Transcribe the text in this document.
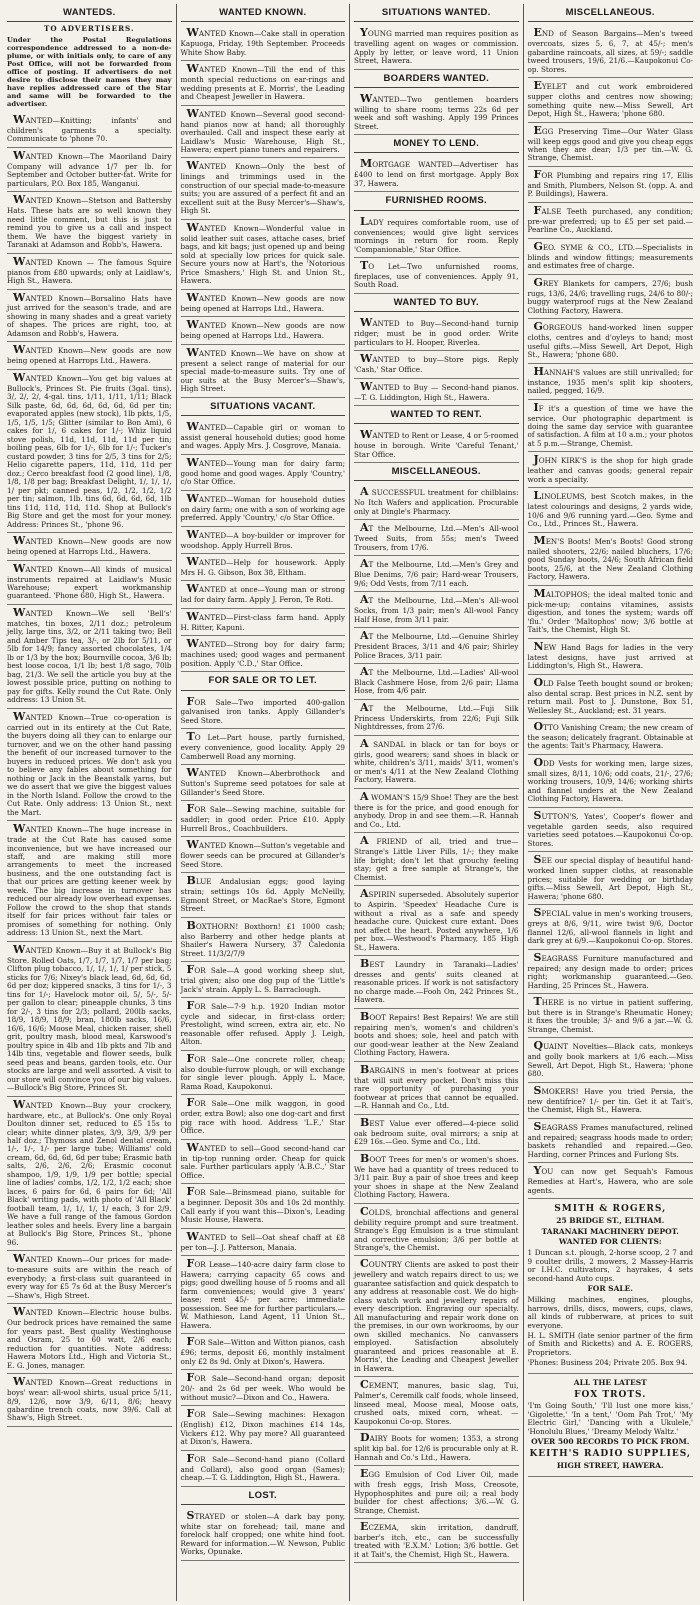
WANTEDS.
TO ADVERTISERS.
Under the Postal Regulations correspondence addressed to a non-de-plume, or with initials only, to care of any Post Office, will not be forwarded from office of posting. If advertisers do not desire to disclose their names they may have replies addressed care of the Star and same will be forwarded to the advertiser.

WANTED—Knitting; infants' and children's garments a specialty. Communicate to 'phone 70.

WANTED Known—The Maoriland Dairy Company will advance 1/7 per lb. for September and October butter-fat. Write for particulars, P.O. Box 185, Wanganui.

WANTED Known—Stetson and Battersby Hats. These hats are so well known they need little comment, but this is just to remind you to give us a call and inspect them. We have the biggest variety in Taranaki at Adamson and Robb's, Hawera.

WANTED Known — The famous Squire pianos from £80 upwards; only at Laidlaw's, High St., Hawera.

WANTED Known—Borsalino Hats have just arrived for the season's trade, and are showing in many shades and a great variety of shapes. The prices are right, too, at Adamson and Robb's, Hawera.

WANTED Known—New goods are now being opened at Harrops Ltd., Hawera.

WANTED Known—You get big values at Bullock's, Princes St. Pie fruits (3gal. tins), 3/, 2/, 2/, 4-gal. tins, 1/11, 1/11, 1/11; Black Silk paste, 6d, 6d, 6d, 6d, 6d, 6d per tin; evaporated apples (new stock), 1lb pkts, 1/5, 1/5, 1/5, 1/5; Glitter (similar to Bon Ami), 6 cakes for 1/, 6 cakes for 1/-; Whiz liquid stove polish, 11d, 11d, 11d, 11d per tin; boiling peas, 6lb for 1/-, 6lb for 1/-; Tucker's custard powder, 3 tins for 2/5, 3 tins for 2/5; Helio cigarette papers, 11d, 11d, 11d per doz.; Cerco breakfast food (2 good line), 1/8, 1/8, 1/8 per bag; Breakfast Delight, 1/, 1/, 1/, 1/ per pkt; canned peas, 1/2, 1/2, 1/2, 1/2 per tin; salmon, 1lb. tins 6d, 6d, 6d, 6d, 1lb tins 11d, 11d, 11d, 11d. Shop at Bullock's Big Store and get the most for your money. Address: Princes St., 'phone 96.

WANTED Known—New goods are now being opened at Harrops Ltd., Hawera.

WANTED Known—All kinds of musical instruments repaired at Laidlaw's Music Warehouse; expert workmanship guaranteed. 'Phone 680, High St., Hawera.

WANTED Known—We sell 'Bell's' matches, tin boxes, 2/11 doz.; petroleum jelly, large tins, 3/2, or 2/11 taking two; Bell and Amber Tips tea, 3/-, or 2lb for 5/11, or 5lb for 14/9; fancy assorted chocolates, 1/4 lb or 1/3 by the box; Bournville cocoa, 3/6 lb; best loose cocoa, 1/1 lb; best 1/8 sago, 70lb bag, 21/3. We sell the article you buy at the lowest possible price, putting on nothing to pay for gifts. Kelly round the Cut Rate. Only address: 13 Union St.

WANTED Known—True co-operation is carried out in its entirety at the Cut Rate, the buyers doing all they can to enlarge our turnover, and we on the other hand passing the benefit of our increased turnover to the buyers in reduced prices. We don't ask you to believe any fables about something for nothing or Jack in the Beanstalk yarns, but we do assert that we give the biggest values in the North Island. Follow the crowd to the Cut Rate. Only address: 13 Union St., next the Mart.

WANTED Known—The huge increase in trade at the Cut Rate has caused some inconvenience, but we have increased our staff, and are making still more arrangements to meet the increased business, and the one outstanding fact is that our prices are getting keener week by week. The big increase in turnover has reduced our already low overhead expenses. Follow the crowd to the shop that stands itself for fair prices without fair tales or promises of something for nothing. Only address: 13 Union St., next the Mart.

WANTED Known—Buy it at Bullock's Big Store. Rolled Oats, 1/7, 1/7, 1/7, 1/7 per bag; Clifton plug tobacco, 1/, 1/, 1/, 1/ per stick, 5 sticks for 7/6; Nixey's black lead, 6d, 6d, 6d, 6d per doz; kippered snacks, 3 tins for 1/-, 3 tins for 1/-; Havelock motor oil, 5/, 5/-, 5/- per gallon to clear; pineapple chunks, 3 tins for 2/-, 3 tins for 2/3; pollard, 200lb sacks, 18/9, 18/9, 18/9; bran, 180lb sacks, 16/6, 16/6, 16/6; Moose Meal, chicken raiser, shell grit, poultry mash, blood meal, Karswood's poultry spice in 4lb and 1lb pkts and 7lb and 14lb tins, vegetable and flower seeds, bulk seed peas and beans, garden tools, etc. Our stocks are large and well assorted. A visit to our store will convince you of our big values.—Bullock's Big Store, Princes St.

WANTED Known—Buy your crockery, hardware, etc., at Bullock's. One only Royal Doulton dinner set, reduced to £5 15s to clear; white dinner plates, 3/9, 3/9, 3/9 per half doz.; Thymoss and Zenol dental cream, 1/-, 1/-, 1/- per large tube; Williams' cold cream, 6d, 6d, 6d, 6d per tube; Erasmic bath salts, 2/6, 2/6, 2/6; Erasmic coconut shampoo, 1/9, 1/9, 1/9 per bottle; special line of ladies' combs, 1/2, 1/2, 1/2 each; shoe laces, 6 pairs for 6d, 6 pairs for 6d; 'All Black' writing pads, with photo of 'All Black' football team, 1/, 1/, 1/, 1/ each, 3 for 2/9. We have a full range of the famous Gordon leather soles and heels. Every line a bargain at Bullock's Big Store, Princes St., 'phone 96.

WANTED Known—Our prices for made-to-measure suits are within the reach of everybody; a first-class suit guaranteed in every way for £5 7s 6d at the Busy Mercer's—Shaw's, High Street.

WANTED Known—Electric house bulbs. Our bedrock prices have remained the same for years past. Best quality Westinghouse and Osram, 25 to 60 watt, 2/6 each; reduction for quantities. Note address: Hawera Motors Ltd., High and Victoria St., E. G. Jones, manager.

WANTED Known—Great reductions in boys' wear: all-wool shirts, usual price 5/11, 8/9, 12/6, now 3/9, 6/11, 8/6; heavy gabardine trench coats, now 39/6. Call at Shaw's, High Street.

WANTED KNOWN.

WANTED Known—Cake stall in operation Kapuoga, Friday, 19th September. Proceeds White Show Baby.

WANTED Known—Till the end of this month special reductions on ear-rings and wedding presents at E. Morris', the Leading and Cheapest Jeweller in Hawera.

WANTED Known—Several good second-hand pianos now at hand; all thoroughly overhauled. Call and inspect these early at Laidlaw's Music Warehouse, High St., Hawera; expert piano tuners and repairers.

WANTED Known—Only the best of linings and trimmings used in the construction of our special made-to-measure suits; you are assured of a perfect fit and an excellent suit at the Busy Mercer's—Shaw's, High St.

WANTED Known—Wonderful value in solid leather suit cases, attache cases, brief bags, and kit bags; just opened up and being sold at specially low prices for quick sale. Secure yours now at Hart's, the 'Notorious Price Smashers,' High St. and Union St., Hawera.

WANTED Known—New goods are now being opened at Harrops Ltd., Hawera.

WANTED Known—New goods are now being opened at Harrops Ltd., Hawera.

WANTED Known—We have on show at present a select range of material for our special made-to-measure suits. Try one of our suits at the Busy Mercer's—Shaw's, High Street.

SITUATIONS VACANT.

WANTED—Capable girl or woman to assist general household duties; good home and wages. Apply Mrs. J. Cosgrove, Manaia.

WANTED—Young man for dairy farm; good home and good wages. Apply 'Country,' c/o Star Office.

WANTED—Woman for household duties on dairy farm; one with a son of working age preferred. Apply 'Country,' c/o Star Office.

WANTED—A boy-builder or improver for woodshop. Apply Hurrell Bros.

WANTED—Help for housework. Apply Mrs H. G. Gibson, Box 38, Eltham.

WANTED at once—Young man or strong lad for dairy farm. Apply J. Feron, Te Roti.

WANTED—First-class farm hand. Apply H. Ritter, Kapuni.

WANTED—Strong boy for dairy farm; machines used; good wages and permanent position. Apply 'C.D.,' Star Office.

FOR SALE OR TO LET.

FOR Sale—Two imported 400-gallon galvanised iron tanks. Apply Gillander's Seed Store.

TO Let—Part house, partly furnished, every convenience, good locality. Apply 29 Camberwell Road any morning.

WANTED Known—Aberbrothock and Sutton's Supreme seed potatoes for sale at Gillander's Seed Store.

FOR Sale—Sewing machine, suitable for saddler; in good order. Price £10. Apply Hurrell Bros., Coachbuilders.

WANTED Known—Sutton's vegetable and flower seeds can be procured at Gillander's Seed Store.

BLUE Andalusian eggs; good laying strain; settings 10s 6d. Apply McNeilly, Egmont Street, or MacRae's Store, Egmont Street.

BOXTHORN! Boxthorn! £1 1000 cash; also Barberry and other hedge plants at Shailer's Hawera Nursery, 37 Caledonia Street. 11/3/2/7/9

FOR Sale—A good working sheep slut, trial given; also one dog pup of the 'Little's Jack's' strain. Apply L. S. Barraclough.

FOR Sale—7-9 h.p. 1920 Indian motor cycle and sidecar, in first-class order; Prestolight, wind screen, extra air, etc. No reasonable offer refused. Apply J. Leigh, Alton.

FOR Sale—One concrete roller, cheap; also double-furrow plough, or will exchange for single lever plough. Apply L. Mace, Rama Road, Kaupokonui.

FOR Sale—One milk waggon, in good order, extra Bowl; also one dog-cart and first pig race with hood. Address 'L.F.,' Star Office.

WANTED to sell—Good second-hand car in tip-top running order. Cheap for quick sale. Further particulars apply 'A.B.C.,' Star Office.

FOR Sale—Brinsmead piano, suitable for a beginner. Deposit 30s and 10s 2d monthly. Call early if you want this—Dixon's, Leading Music House, Hawera.

WANTED to Sell—Oat sheaf chaff at £8 per ton—J. J. Patterson, Manaia.

FOR Lease—140-acre dairy farm close to Hawera; carrying capacity 65 cows and pigs; good dwelling house of 5 rooms and all farm conveniences; would give 3 years' lease; rent 45/- per acre; immediate possession. See me for further particulars.—W. Mathieson, Land Agent, 11 Union St., Hawera.

FOR Sale—Witton and Witton pianos, cash £96; terms, deposit £6, monthly instalment only £2 8s 9d. Only at Dixon's, Hawera.

FOR Sale—Second-hand organ; deposit 20/- and 2s 6d per week. Who would be without music?—Dixon and Co., Hawera.

FOR Sale—Sewing machines: Hexagon (English) £12, Dixon machines £14 14s, Vickers £12. Why pay more? All guaranteed at Dixon's, Hawera.

FOR Sale—Second-hand piano (Collard and Collard), also good organ (Sames); cheap.—T. G. Liddington, High St., Hawera.

LOST.

STRAYED or stolen—A dark bay pony, white star on forehead; tail, mane and forelock half cropped; one white hind foot. Reward for information.—W. Newson, Public Works, Opunake.

SITUATIONS WANTED.

YOUNG married man requires position as travelling agent on wages or commission. Apply by letter, or leave word, 11 Union Street, Hawera.

BOARDERS WANTED.

WANTED—Two gentlemen boarders willing to share room; terms 22s 6d per week and soft washing. Apply 199 Princes Street.

MONEY TO LEND.

MORTGAGE WANTED—Advertiser has £400 to lend on first mortgage. Apply Box 37, Hawera.

FURNISHED ROOMS.

LADY requires comfortable room, use of conveniences; would give light services mornings in return for room. Reply 'Companionable,' Star Office.

TO Let—Two unfurnished rooms, fireplaces, use of conveniences. Apply 91, South Road.

WANTED TO BUY.

WANTED to Buy—Second-hand turnip ridger; must be in good order. Write particulars to H. Hooper, Riverlea.

WANTED to buy—Store pigs. Reply 'Cash,' Star Office.

WANTED to Buy — Second-hand pianos.—T. G. Liddington, High St., Hawera.

WANTED TO RENT.

WANTED to Rent or Lease, 4 or 5-roomed house in borough. Write 'Careful Tenant,' Star Office.

MISCELLANEOUS.

A SUCCESSFUL treatment for chilblains: No Itch Wafers and application. Procurable only at Dingle's Pharmacy.

AT the Melbourne, Ltd.—Men's All-wool Tweed Suits, from 55s; men's Tweed Trousers, from 17/6.

AT the Melbourne, Ltd.—Men's Grey and Blue Denims, 7/6 pair; Hard-wear Trousers, 9/6; Odd Vests, from 7/11 each.

AT the Melbourne, Ltd.—Men's All-wool Socks, from 1/3 pair; men's All-wool Fancy Half Hose, from 3/11 pair.

AT the Melbourne, Ltd.—Genuine Shirley President Braces, 3/11 and 4/6 pair; Shirley Police Braces, 3/11 pair.

AT the Melbourne, Ltd.—Ladies' All-wool Black Cashmere Hose, from 2/6 pair; Llama Hose, from 4/6 pair.

AT the Melbourne, Ltd.—Fuji Silk Princess Underskirts, from 22/6; Fuji Silk Nightdresses, from 27/6.

A SANDAL in black or tan for boys or girls, good wearers; sand shoes in black or white, children's 3/11, maids' 3/11, women's or men's 4/11 at the New Zealand Clothing Factory, Hawera.

A WOMAN'S 15/9 Shoe! They are the best there is for the price, and good enough for anybody. Drop in and see them.—R. Hannah and Co., Ltd.

A FRIEND of all, tried and true—Strange's Little Liver Pills, 1/-; they make life bright; don't let that grouchy feeling stay; get a free sample at Strange's, the Chemist.

ASPIRIN superseded. Absolutely superior to Aspirin. 'Speedex' Headache Cure is without a rival as a safe and speedy headache cure. Quickest cure extant. Does not affect the heart. Posted anywhere, 1/6 per box.—Westwood's Pharmacy, 185 High St., Hawera.

BEST Laundry in Taranaki—Ladies' dresses and gents' suits cleaned at reasonable prices. If work is not satisfactory no charge made.—Fooh On, 242 Princes St., Hawera.

BOOT Repairs! Best Repairs! We are still repairing men's, women's and children's boots and shoes; sole, heel and patch with our good-wear leather at the New Zealand Clothing Factory, Hawera.

BARGAINS in men's footwear at prices that will suit every pocket. Don't miss this rare opportunity of purchasing your footwear at prices that cannot be equalled.—R. Hannah and Co., Ltd.

BEST Value ever offered—4-piece solid oak bedroom suite, oval mirrors; a snip at £29 16s.—Geo. Syme and Co., Ltd.

BOOT Trees for men's or women's shoes. We have had a quantity of trees reduced to 3/11 pair. Buy a pair of shoe trees and keep your shoes in shape at the New Zealand Clothing Factory, Hawera.

COLDS, bronchial affections and general debility require prompt and sure treatment. Strange's Egg Emulsion is a true stimulant and corrective emulsion; 3/6 per bottle at Strange's, the Chemist.

COUNTRY Clients are asked to post their jewellery and watch repairs direct to us; we guarantee satisfaction and quick despatch to any address at reasonable cost. We do high-class watch work and jewellery repairs of every description. Engraving our specialty. All manufacturing and repair work done on the premises, in our own workrooms, by our own skilled mechanics. No canvassers employed. Satisfaction absolutely guaranteed and prices reasonable at E. Morris', the Leading and Cheapest Jeweller in Hawera.

CEMENT, manures, basic slag, Tui, Palmer's, Ceremilk calf foods, whole linseed, linseed meal, Moose meal, Moose oats, crushed oats, mixed corn, wheat. — Kaupokonui Co-op. Stores.

DAIRY Boots for women; 1353, a strong split kip bal. for 12/6 is procurable only at R. Hannah and Co.'s Ltd., Hawera.

EGG Emulsion of Cod Liver Oil, made with fresh eggs, Irish Moss, Creosote, Hypophosphites and pure oil; a real body builder for chest affections; 3/6.—W. G. Strange, Chemist.

ECZEMA, skin irritation, dandruff, barber's itch, etc., can be successfully treated with 'E.X.M.' Lotion; 3/6 bottle. Get it at Tait's, the Chemist, High St., Hawera.

MISCELLANEOUS.

END of Season Bargains—Men's tweed overcoats, sizes 5, 6, 7, at 45/-; men's gabardine raincoats, all sizes, at 59/-; saddle tweed trousers, 19/6, 21/6.—Kaupokonui Co-op. Stores.

EYELET and cut work embroidered supper cloths and centres now showing; something quite new.—Miss Sewell, Art Depot, High St., Hawera; 'phone 680.

EGG Preserving Time—Our Water Glass will keep eggs good and give you cheap eggs when they are dear; 1/3 per tin.—W. G. Strange, Chemist.

FOR Plumbing and repairs ring 17, Ellis and Smith, Plumbers, Nelson St. (opp. A. and P. Buildings), Hawera.

FALSE Teeth purchased, any condition; pre-war preferred; up to £5 per set paid.—Pearline Co., Auckland.

GEO. SYME & CO., LTD.—Specialists in blinds and window fittings; measurements and estimates free of charge.

GREY Blankets for campers, 27/6; bush rugs, 13/6, 24/6; travelling rugs, 24/6 to 80/-; buggy waterproof rugs at the New Zealand Clothing Factory, Hawera.

GORGEOUS hand-worked linen supper cloths, centres and d'oyleys to hand; most useful gifts.—Miss Sewell, Art Depot, High St., Hawera; 'phone 680.

HANNAH'S values are still unrivalled; for instance, 1935 men's split kip shooters, nailed, pegged, 16/9.

IF it's a question of time we have the service. Our photographic department is doing the same day service with guarantee of satisfaction. A film at 10 a.m.; your photos at 5 p.m.—Strange, Chemist.

JOHN KIRK'S is the shop for high grade leather and canvas goods; general repair work a specialty.

LINOLEUMS, best Scotch makes, in the latest colourings and designs, 2 yards wide, 10/6 and 9/6 running yard.—Geo. Syme and Co., Ltd., Princes St., Hawera.

MEN'S Boots! Men's Boots! Good strong nailed shooters, 22/6; nailed bluchers, 17/6; good Sunday boots, 24/6; South African field boots, 25/6, at the New Zealand Clothing Factory, Hawera.

MALTOPHOS; the ideal malted tonic and pick-me-up; contains vitamines, assists digestion, and tones the system; wards off 'flu.' Order 'Maltophos' now; 3/6 bottle at Tait's, the Chemist, High St.

NEW Hand Bags for ladies in the very latest designs, have just arrived at Liddington's, High St., Hawera.

OLD False Teeth bought sound or broken; also dental scrap. Best prices in N.Z. sent by return mail. Post to J. Dunstone, Box 51, Wellesley St., Auckland; est. 31 years.

OTTO Vanishing Cream; the new cream of the season; delicately fragrant. Obtainable at the agents: Tait's Pharmacy, Hawera.

ODD Vests for working men, large sizes, small sizes, 8/11, 10/6; odd coats, 21/-, 27/6; working trousers, 10/9, 14/6; working shirts and flannel unders at the New Zealand Clothing Factory, Hawera.

SUTTON'S, Yates', Cooper's flower and vegetable garden seeds, also required varieties seed potatoes.—Kaupokonui Co-op. Stores.

SEE our special display of beautiful hand-worked linen supper cloths, at reasonable prices; suitable for wedding or birthday gifts.—Miss Sewell, Art Depot, High St., Hawera; 'phone 680.

SPECIAL value in men's working trousers, greys at 8/6, 9/11, wire twist 9/6, Doctor flannel 12/6, all-wool flannels in light and dark grey at 6/9.—Kaupokonui Co-op. Stores.

SEAGRASS Furniture manufactured and repaired; any design made to order; prices right; workmanship guaranteed.—Geo. Harding, 25 Princes St., Hawera.

THERE is no virtue in patient suffering, but there is in Strange's Rheumatic Honey; it fixes the trouble; 3/- and 9/6 a jar.—W. G. Strange, Chemist.

QUAINT Novelties—Black cats, monkeys and golly book markers at 1/6 each.—Miss Sewell, Art Depot, High St., Hawera; 'phone 680.

SMOKERS! Have you tried Persia, the new dentifrice? 1/- per tin. Get it at Tait's, the Chemist, High St., Hawera.

SEAGRASS Frames manufactured, relined and repaired; seagrass hoods made to order; baskets rehandled and repaired.—Geo. Harding, corner Princes and Furlong Sts.

YOU can now get Sequah's Famous Remedies at Hart's, Hawera, who are sole agents.

SMITH & ROGERS,
25 BRIDGE ST., ELTHAM.
TARANAKI MACHINERY DEPOT.
WANTED FOR CLIENTS:
1 Duncan s.t. plough, 2-horse scoop, 2 7 and 9 coulter drills, 2 mowers, 2 Massey-Harris or I.H.C. cultivators, 2 hayrakes, 4 sets second-hand Auto cups.
FOR SALE.
Milking machines, engines, ploughs, harrows, drills, discs, mowers, cups, claws, all kinds of rubberware, at prices to suit everyone.
H. L. SMITH (late senior partner of the firm of Smith and Ricketts) and A. E. ROGERS, Proprietors.
'Phones: Business 204; Private 205. Box 94.
ALL THE LATEST
FOX TROTS.
'I'm Going South,' 'I'll lust one more kiss,' 'Gigolette,' 'In a tent,' 'Oom Pah Trot,' 'My Electric Girl,' 'Dancing with a Ukulele,' 'Honolulu Blues,' 'Dreamy Melody Waltz.'
OVER 500 RECORDS TO PICK FROM.
KEITH'S RADIO SUPPLIES,
HIGH STREET, HAWERA.
